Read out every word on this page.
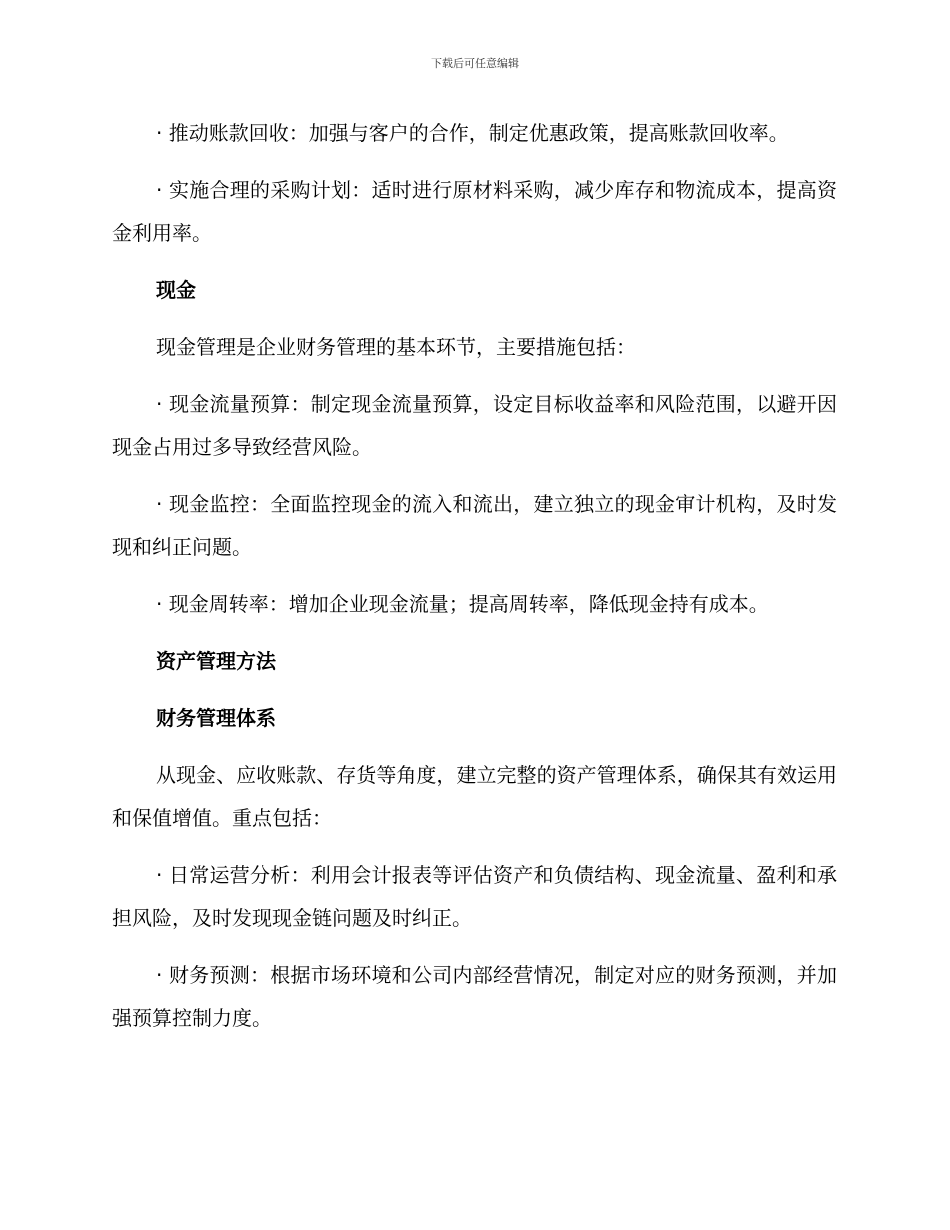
下载后可任意编辑

· 推动账款回收：加强与客户的合作，制定优惠政策，提高账款回收率。

· 实施合理的采购计划：适时进行原材料采购，减少库存和物流成本，提高资金利用率。

现金

现金管理是企业财务管理的基本环节，主要措施包括：

· 现金流量预算：制定现金流量预算，设定目标收益率和风险范围，以避开因现金占用过多导致经营风险。

· 现金监控：全面监控现金的流入和流出，建立独立的现金审计机构，及时发现和纠正问题。

· 现金周转率：增加企业现金流量；提高周转率，降低现金持有成本。

资产管理方法

财务管理体系

从现金、应收账款、存货等角度，建立完整的资产管理体系，确保其有效运用和保值增值。重点包括：

· 日常运营分析：利用会计报表等评估资产和负债结构、现金流量、盈利和承担风险，及时发现现金链问题及时纠正。

· 财务预测：根据市场环境和公司内部经营情况，制定对应的财务预测，并加强预算控制力度。
